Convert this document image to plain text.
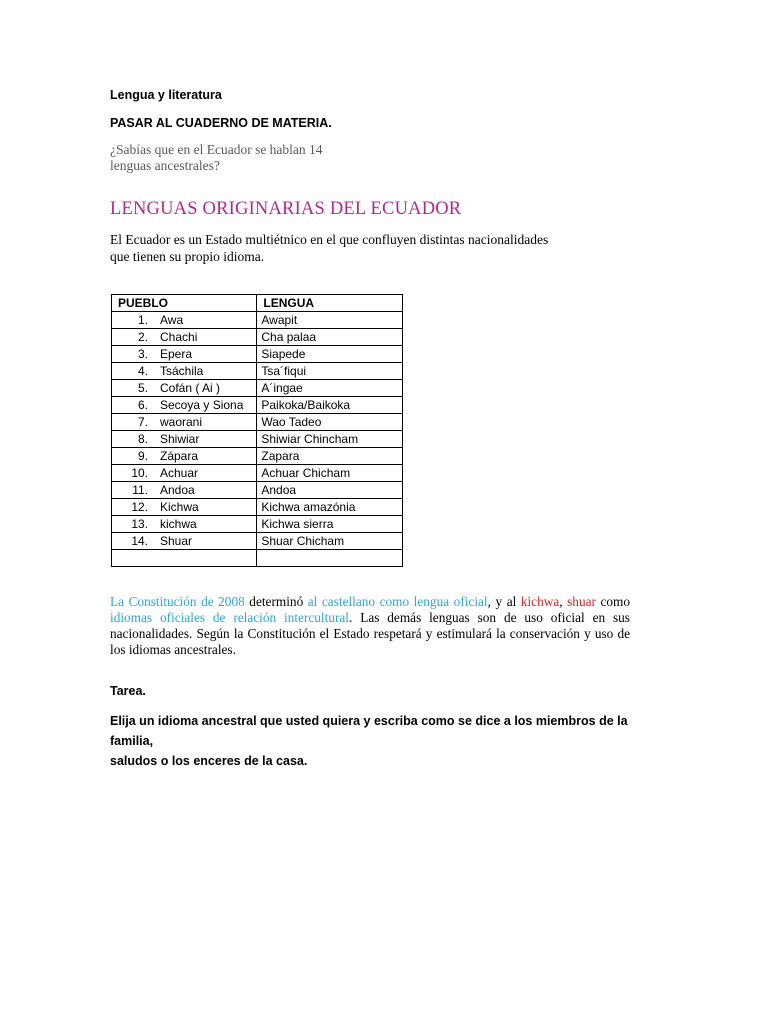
Lengua y literatura
PASAR AL CUADERNO DE MATERIA.
¿Sabías que en el Ecuador se hablan 14
lenguas ancestrales?
LENGUAS ORIGINARIAS DEL ECUADOR
El Ecuador es un Estado multiétnico en el que confluyen distintas nacionalidades
que tienen su propio idioma.
PUEBLO	LENGUA
1. Awa	Awapit
2. Chachi	Cha palaa
3. Epera	Siapede
4. Tsáchila	Tsa´fiqui
5. Cofán ( Ai )	A´ingae
6. Secoya y Siona	Paikoka/Baikoka
7. waorani	Wao Tadeo
8. Shiwiar	Shiwiar Chincham
9. Zápara	Zapara
10. Achuar	Achuar Chicham
11. Andoa	Andoa
12. Kichwa	Kichwa amazónia
13. kichwa	Kichwa sierra
14. Shuar	Shuar Chicham

La Constitución de 2008 determinó al castellano como lengua oficial, y al kichwa, shuar como idiomas oficiales de relación intercultural. Las demás lenguas son de uso oficial en sus nacionalidades. Según la Constitución el Estado respetará y estimulará la conservación y uso de los idiomas ancestrales.
Tarea.
Elija un idioma ancestral que usted quiera y escriba como se dice a los miembros de la familia,
saludos o los enceres de la casa.
